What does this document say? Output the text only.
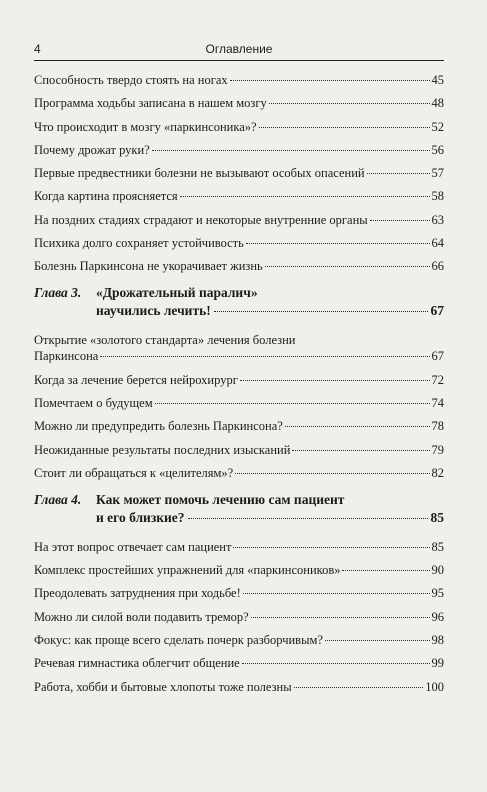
4	Оглавление
Способность твердо стоять на ногах	45
Программа ходьбы записана в нашем мозгу	48
Что происходит в мозгу «паркинсоника»?	52
Почему дрожат руки?	56
Первые предвестники болезни не вызывают особых опасений	57
Когда картина проясняется	58
На поздних стадиях страдают и некоторые внутренние органы	63
Психика долго сохраняет устойчивость	64
Болезнь Паркинсона не укорачивает жизнь	66
Глава 3. «Дрожательный паралич»
научились лечить!	67
Открытие «золотого стандарта» лечения болезни
Паркинсона	67
Когда за лечение берется нейрохирург	72
Помечтаем о будущем	74
Можно ли предупредить болезнь Паркинсона?	78
Неожиданные результаты последних изысканий	79
Стоит ли обращаться к «целителям»?	82
Глава 4. Как может помочь лечению сам пациент
и его близкие?	85
На этот вопрос отвечает сам пациент	85
Комплекс простейших упражнений для «паркинсоников»	90
Преодолевать затруднения при ходьбе!	95
Можно ли силой воли подавить тремор?	96
Фокус: как проще всего сделать почерк разборчивым?	98
Речевая гимнастика облегчит общение	99
Работа, хобби и бытовые хлопоты тоже полезны	100
